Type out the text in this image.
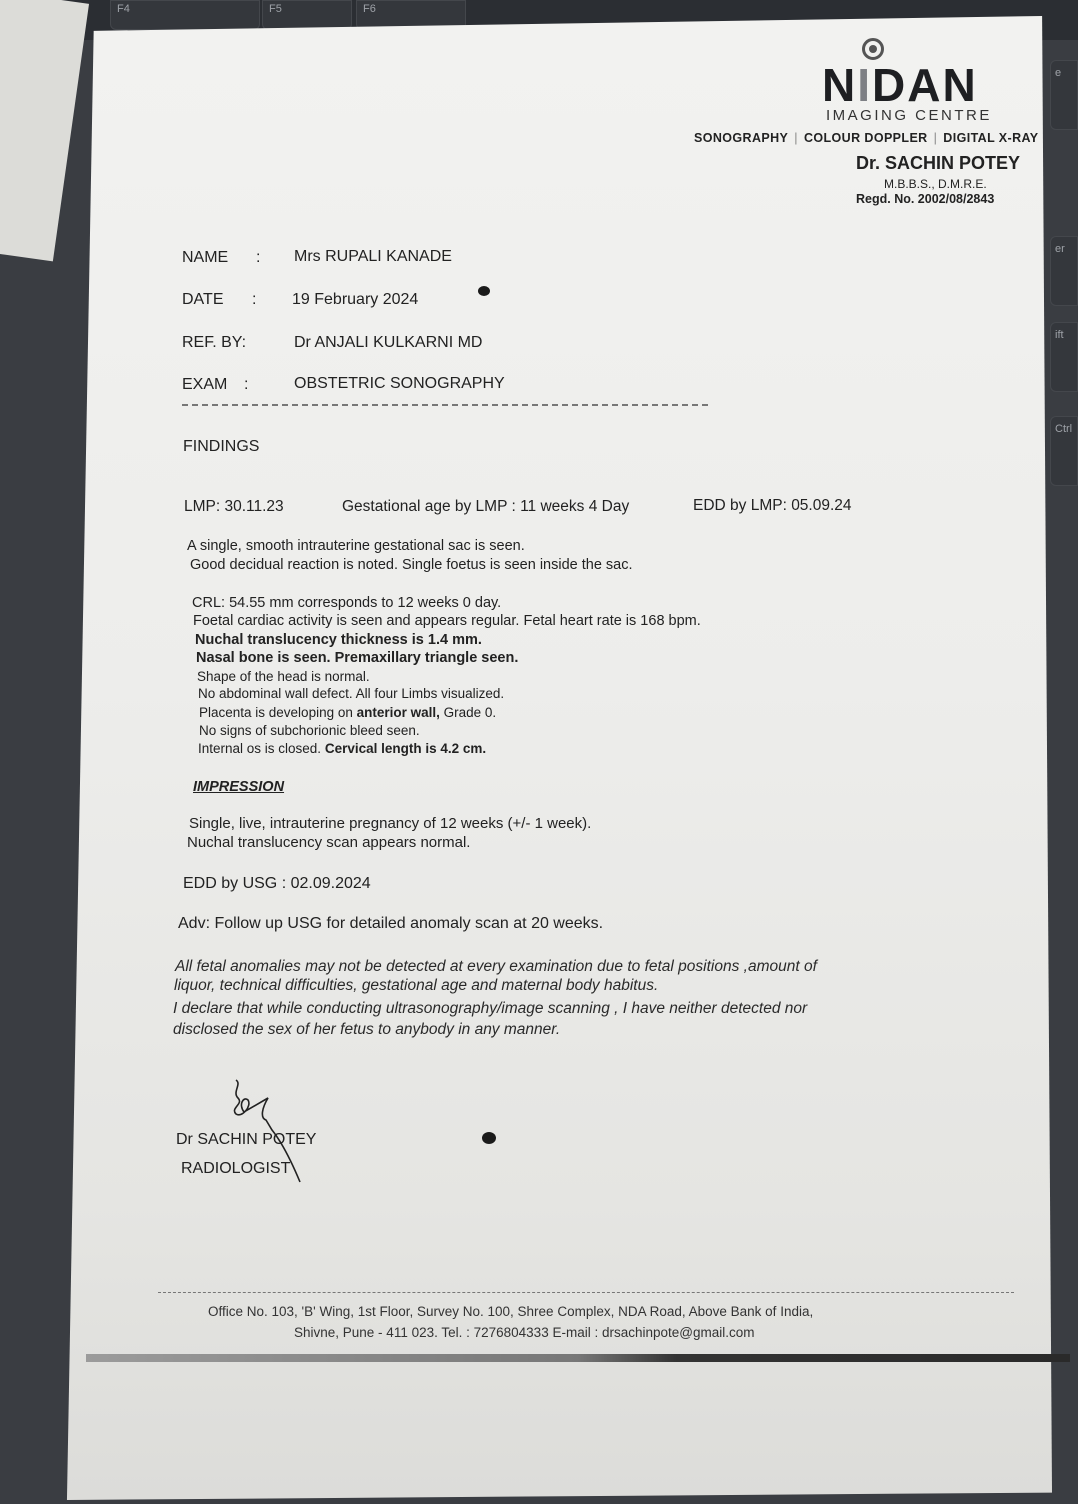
F4	F5	F6
e
er
ift
Ctrl
NIDAN
IMAGING CENTRE
SONOGRAPHY | COLOUR DOPPLER | DIGITAL X-RAY
Dr. SACHIN POTEY
M.B.B.S., D.M.R.E.
Regd. No. 2002/08/2843
NAME : Mrs RUPALI KANADE
DATE : 19 February 2024
REF. BY:	Dr ANJALI KULKARNI MD
EXAM :	OBSTETRIC SONOGRAPHY
FINDINGS
LMP: 30.11.23	Gestational age by LMP : 11 weeks 4 Day	EDD by LMP: 05.09.24
A single, smooth intrauterine gestational sac is seen.
Good decidual reaction is noted. Single foetus is seen inside the sac.
CRL: 54.55 mm corresponds to 12 weeks 0 day.
Foetal cardiac activity is seen and appears regular. Fetal heart rate is 168 bpm.
Nuchal translucency thickness is 1.4 mm.
Nasal bone is seen. Premaxillary triangle seen.
Shape of the head is normal.
No abdominal wall defect. All four Limbs visualized.
Placenta is developing on anterior wall, Grade 0.
No signs of subchorionic bleed seen.
Internal os is closed. Cervical length is 4.2 cm.
IMPRESSION
Single, live, intrauterine pregnancy of 12 weeks (+/- 1 week).
Nuchal translucency scan appears normal.
EDD by USG : 02.09.2024
Adv: Follow up USG for detailed anomaly scan at 20 weeks.
All fetal anomalies may not be detected at every examination due to fetal positions ,amount of
liquor, technical difficulties, gestational age and maternal body habitus.
I declare that while conducting ultrasonography/image scanning , I have neither detected nor
disclosed the sex of her fetus to anybody in any manner.
Dr SACHIN POTEY
RADIOLOGIST
Office No. 103, 'B' Wing, 1st Floor, Survey No. 100, Shree Complex, NDA Road, Above Bank of India,
Shivne, Pune - 411 023. Tel. : 7276804333 E-mail : drsachinpote@gmail.com
